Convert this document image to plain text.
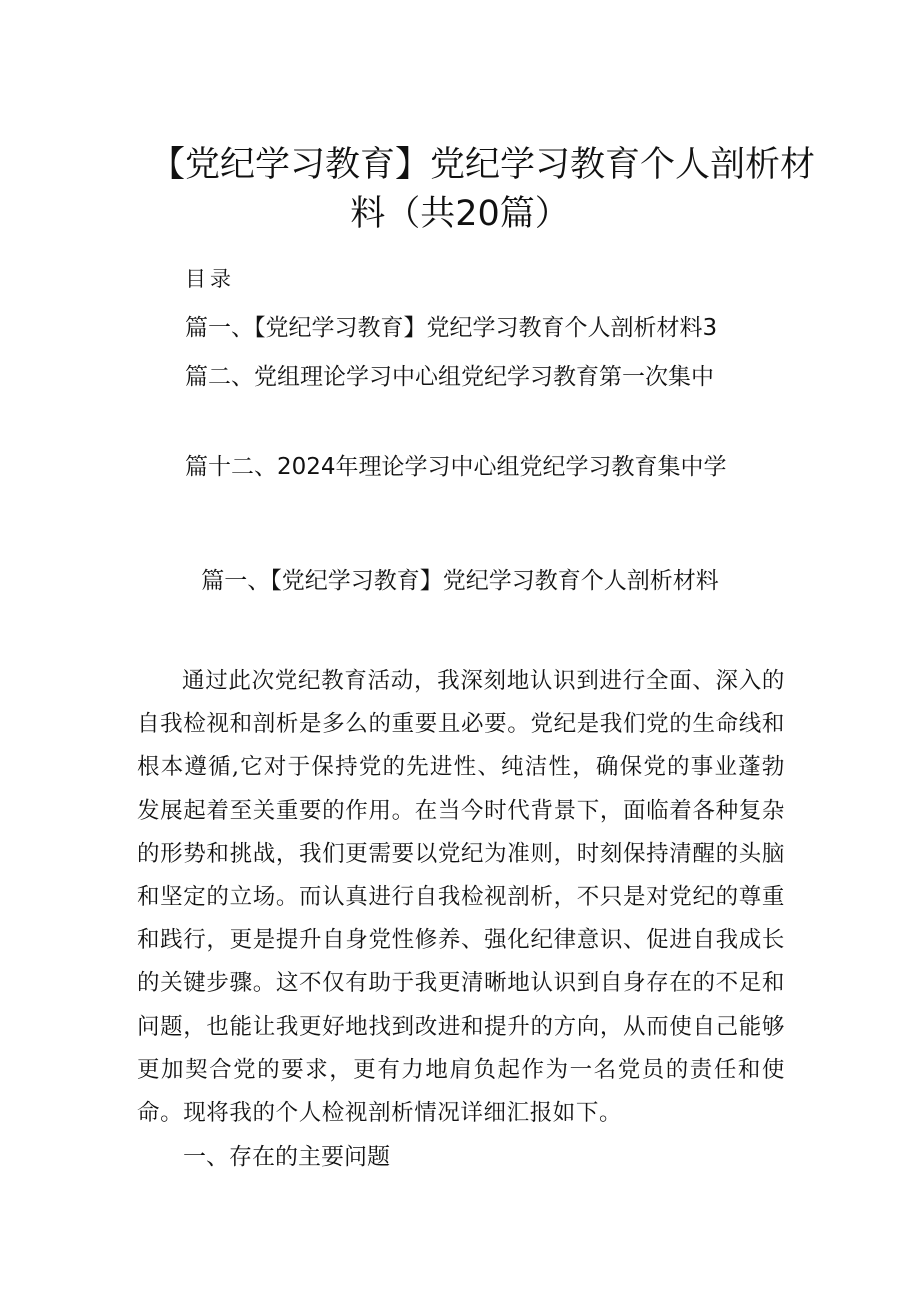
【党纪学习教育】党纪学习教育个人剖析材
料（共20篇）
目录
篇一、【党纪学习教育】党纪学习教育个人剖析材料3
篇二、党组理论学习中心组党纪学习教育第一次集中
篇十二、2024年理论学习中心组党纪学习教育集中学
篇一、【党纪学习教育】党纪学习教育个人剖析材料

通过此次党纪教育活动，我深刻地认识到进行全面、深入的自我检视和剖析是多么的重要且必要。党纪是我们党的生命线和根本遵循,它对于保持党的先进性、纯洁性，确保党的事业蓬勃发展起着至关重要的作用。在当今时代背景下，面临着各种复杂的形势和挑战，我们更需要以党纪为准则，时刻保持清醒的头脑和坚定的立场。而认真进行自我检视剖析，不只是对党纪的尊重和践行，更是提升自身党性修养、强化纪律意识、促进自我成长的关键步骤。这不仅有助于我更清晰地认识到自身存在的不足和问题，也能让我更好地找到改进和提升的方向，从而使自己能够更加契合党的要求，更有力地肩负起作为一名党员的责任和使命。现将我的个人检视剖析情况详细汇报如下。

一、存在的主要问题
